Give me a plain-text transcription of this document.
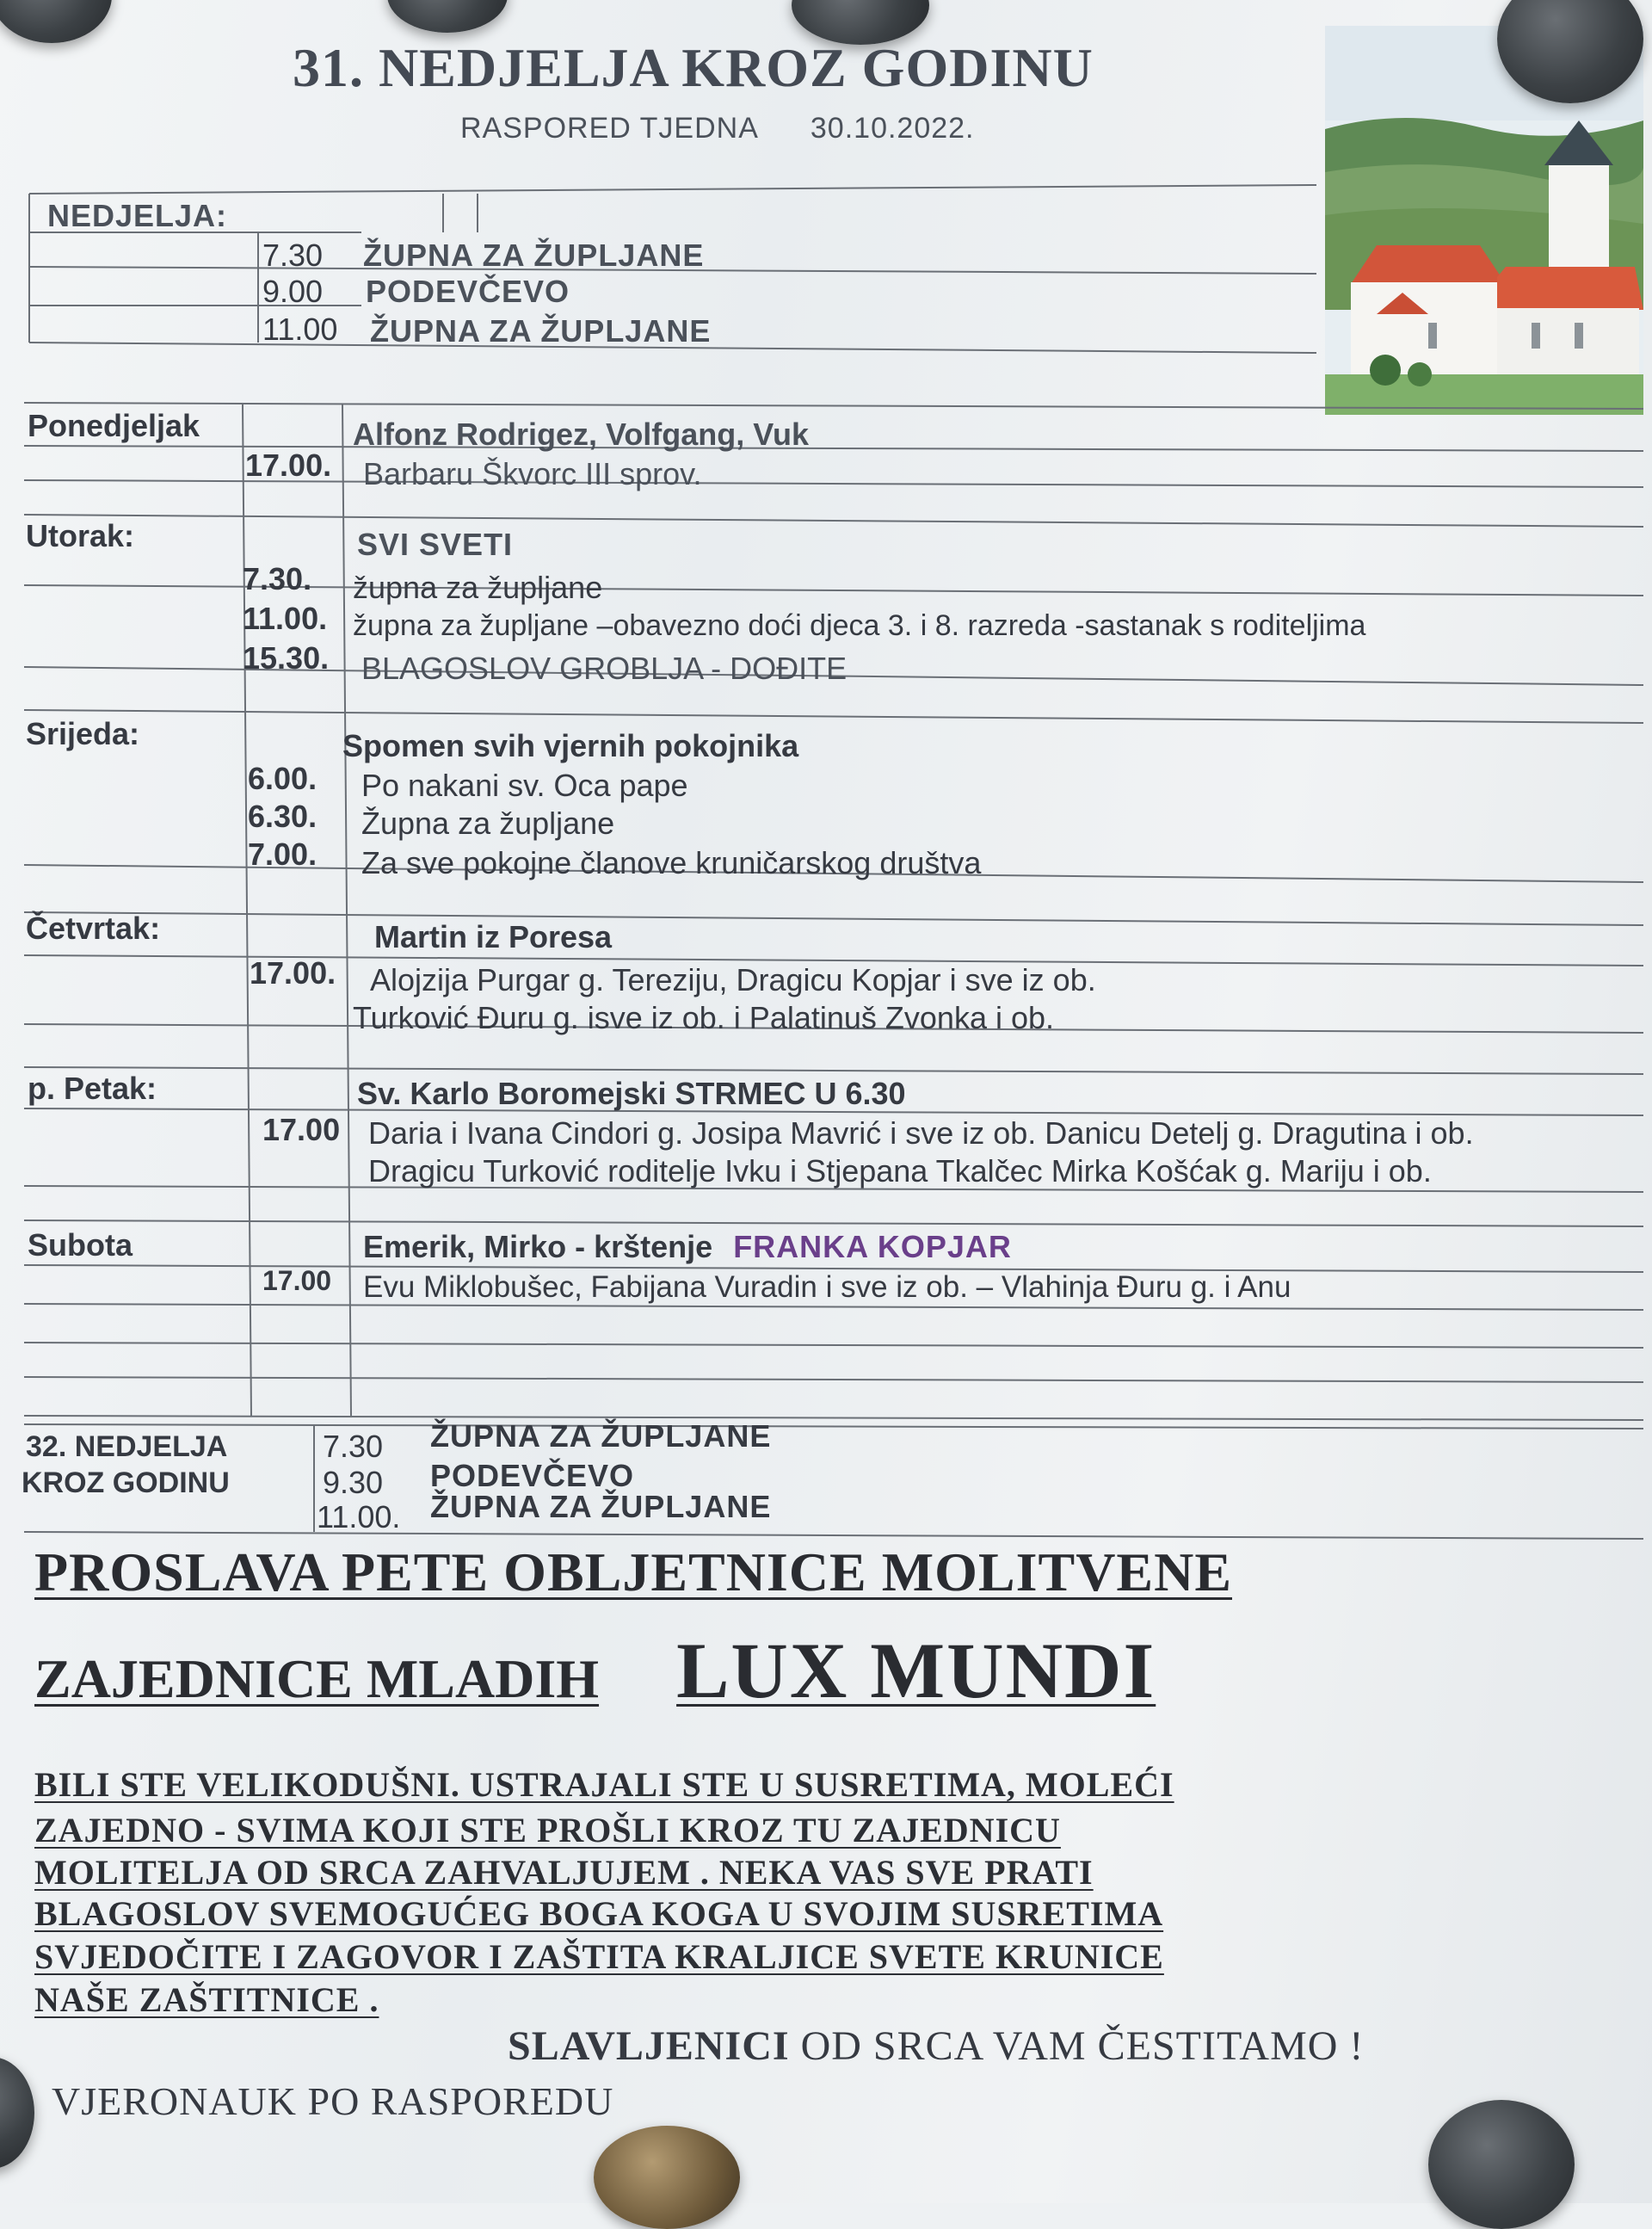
31. NEDJELJA KROZ GODINU
RASPORED TJEDNA 30.10.2022.
NEDJELJA:
7.30 ŽUPNA ZA ŽUPLJANE
9.00 PODEVČEVO
11.00 ŽUPNA ZA ŽUPLJANE
Ponedjeljak	Alfonz Rodrigez, Volfgang, Vuk
17.00. Barbaru Škvorc III sprov.
Utorak:	SVI SVETI
7.30. župna za župljane
11.00. župna za župljane –obavezno doći djeca 3. i 8. razreda -sastanak s roditeljima
15.30. BLAGOSLOV GROBLJA - DOĐITE
Srijeda:	Spomen svih vjernih pokojnika
6.00. Po nakani sv. Oca pape
6.30. Župna za župljane
7.00. Za sve pokojne članove kruničarskog društva
Četvrtak:	Martin iz Poresa
17.00. Alojzija Purgar g. Tereziju, Dragicu Kopjar i sve iz ob.
Turković Đuru g. isve iz ob. i Palatinuš Zvonka i ob.
p. Petak:	Sv. Karlo Boromejski STRMEC U 6.30
17.00 Daria i Ivana Cindori g. Josipa Mavrić i sve iz ob. Danicu Detelj g. Dragutina i ob.
Dragicu Turković roditelje Ivku i Stjepana Tkalčec Mirka Košćak g. Mariju i ob.
Subota	Emerik, Mirko - krštenje FRANKA KOPJAR
17.00 Evu Miklobušec, Fabijana Vuradin i sve iz ob. – Vlahinja Đuru g. i Anu
32. NEDJELJA
KROZ GODINU
7.30 ŽUPNA ZA ŽUPLJANE
9.30 PODEVČEVO
11.00. ŽUPNA ZA ŽUPLJANE
PROSLAVA PETE OBLJETNICE MOLITVENE
ZAJEDNICE MLADIH LUX MUNDI
BILI STE VELIKODUŠNI. USTRAJALI STE U SUSRETIMA, MOLEĆI
ZAJEDNO - SVIMA KOJI STE PROŠLI KROZ TU ZAJEDNICU
MOLITELJA OD SRCA ZAHVALJUJEM . NEKA VAS SVE PRATI
BLAGOSLOV SVEMOGUĆEG BOGA KOGA U SVOJIM SUSRETIMA
SVJEDOČITE I ZAGOVOR I ZAŠTITA KRALJICE SVETE KRUNICE
NAŠE ZAŠTITNICE .
SLAVLJENICI OD SRCA VAM ČESTITAMO !
VJERONAUK PO RASPOREDU
